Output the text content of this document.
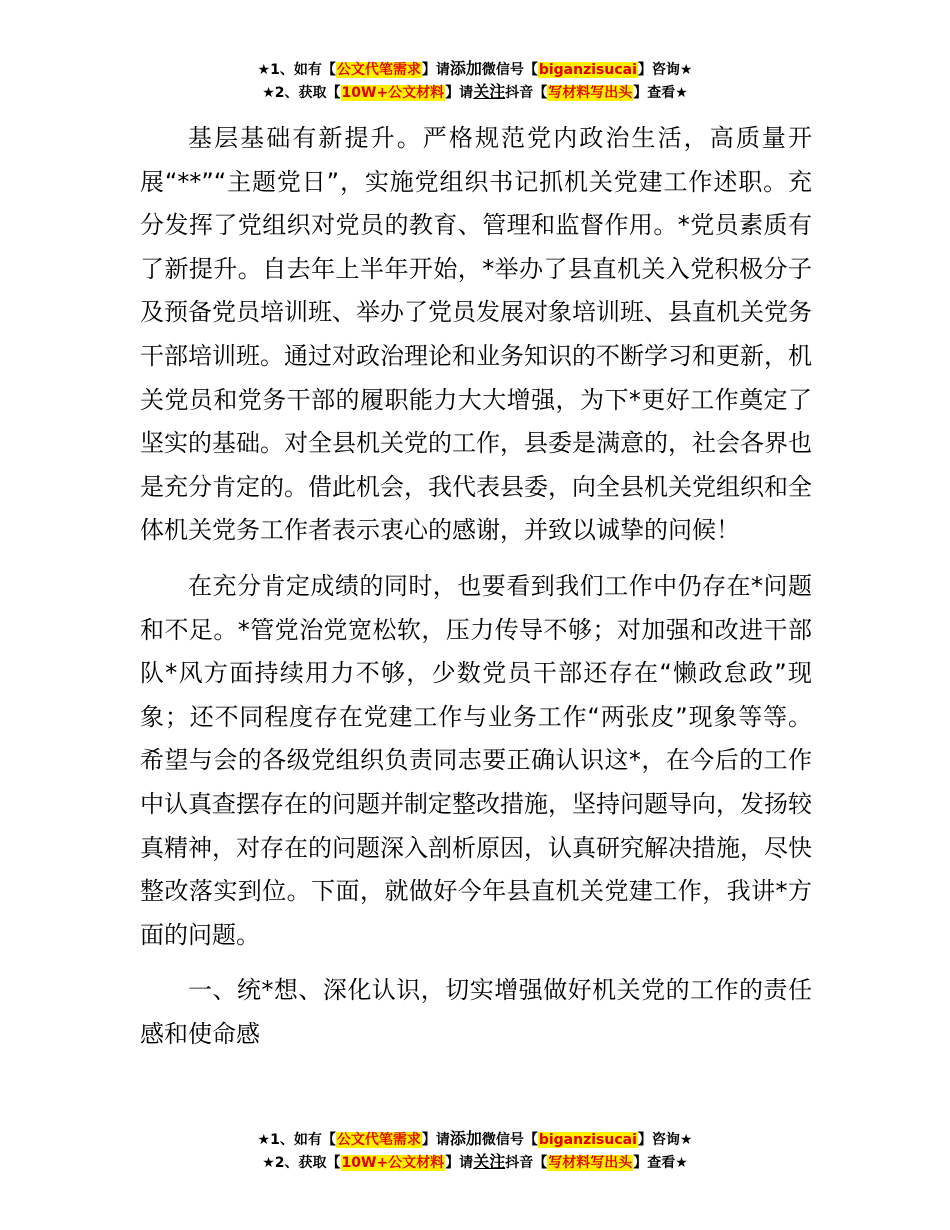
★1、如有【公文代笔需求】请添加微信号【biganzisucai】咨询★
★2、获取【10W+公文材料】请关注抖音【写材料写出头】查看★

基层基础有新提升。严格规范党内政治生活，高质量开展“**”“主题党日”，实施党组织书记抓机关党建工作述职。充分发挥了党组织对党员的教育、管理和监督作用。*党员素质有了新提升。自去年上半年开始，*举办了县直机关入党积极分子及预备党员培训班、举办了党员发展对象培训班、县直机关党务干部培训班。通过对政治理论和业务知识的不断学习和更新，机关党员和党务干部的履职能力大大增强，为下*更好工作奠定了坚实的基础。对全县机关党的工作，县委是满意的，社会各界也是充分肯定的。借此机会，我代表县委，向全县机关党组织和全体机关党务工作者表示衷心的感谢，并致以诚挚的问候！

在充分肯定成绩的同时，也要看到我们工作中仍存在*问题和不足。*管党治党宽松软，压力传导不够；对加强和改进干部队*风方面持续用力不够，少数党员干部还存在“懒政怠政”现象；还不同程度存在党建工作与业务工作“两张皮”现象等等。希望与会的各级党组织负责同志要正确认识这*，在今后的工作中认真查摆存在的问题并制定整改措施，坚持问题导向，发扬较真精神，对存在的问题深入剖析原因，认真研究解决措施，尽快整改落实到位。下面，就做好今年县直机关党建工作，我讲*方面的问题。

一、统*想、深化认识，切实增强做好机关党的工作的责任感和使命感

★1、如有【公文代笔需求】请添加微信号【biganzisucai】咨询★
★2、获取【10W+公文材料】请关注抖音【写材料写出头】查看★
